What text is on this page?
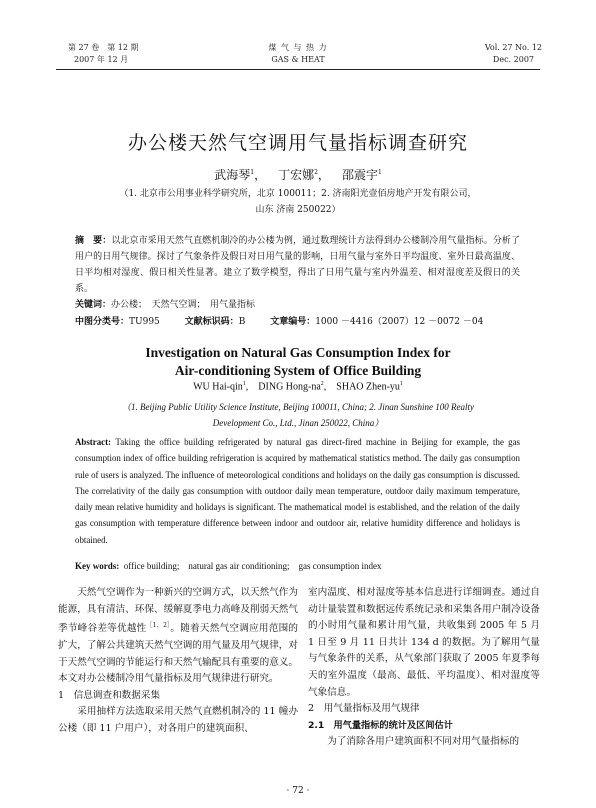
第 27 卷　第 12 期
2007 年 12 月
煤 气 与 热 力
GAS & HEAT
Vol. 27 No. 12
Dec. 2007
办公楼天然气空调用气量指标调查研究
武海琴$^1$， 丁宏娜$^2$， 邵震宇$^1$
（1. 北京市公用事业科学研究所，北京 100011；2. 济南阳光壹佰房地产开发有限公司，
山东 济南 250022）
摘　要：以北京市采用天然气直燃机制冷的办公楼为例，通过数理统计方法得到办公楼制冷用气量指标。分析了用户的日用气规律。探讨了气象条件及假日对日用气量的影响，日用气量与室外日平均温度、室外日最高温度、日平均相对湿度、假日相关性显著。建立了数学模型，得出了日用气量与室内外温差、相对湿度差及假日的关系。
关键词：办公楼；　天然气空调；　用气量指标
中图分类号：TU995	文献标识码：B	文章编号：1000 －4416（2007）12 －0072 －04
Investigation on Natural Gas Consumption Index for
Air-conditioning System of Office Building
WU Hai-qin$^1$,  DING Hong-$na^2$,  SHAO Zhen-$yu^1$
（1. Beijing Public Utility Science Institute, Beijing 100011, China; 2. Jinan Sunshine 100 Realty
Development Co., Ltd., Jinan 250022, China）
Abstract:  Taking the office building refrigerated by natural gas direct-fired machine in Beijing for example, the gas consumption index of office building refrigeration is acquired by mathematical statistics method. The daily gas consumption rule of users is analyzed. The influence of meteorological conditions and holidays on the daily gas consumption is discussed. The correlativity of the daily gas consumption with outdoor daily mean temperature, outdoor daily maximum temperature, daily mean relative humidity and holidays is significant. The mathematical model is established, and the relation of the daily gas consumption with temperature difference between indoor and outdoor air, relative humidity difference and holidays is obtained.
Key words:  office building;　natural gas air conditioning;　gas consumption index

天然气空调作为一种新兴的空调方式，以天然气作为能源，具有清洁、环保、缓解夏季电力高峰及削弱天然气季节峰谷差等优越性$^{[1,2]}$。随着天然气空调应用范围的扩大，了解公共建筑天然气空调的用气量及用气规律，对于天然气空调的节能运行和天然气输配具有重要的意义。本文对办公楼制冷用气量指标及用气规律进行研究。

1　信息调查和数据采集

采用抽样方法选取采用天然气直燃机制冷的 11 幢办公楼（即 11 户用户），对各用户的建筑面积、

室内温度、相对湿度等基本信息进行详细调查。通过自动计量装置和数据远传系统记录和采集各用户制冷设备的小时用气量和累计用气量，共收集到 2005 年 5 月 1 日至 9 月 11 日共计 134 d 的数据。为了解用气量与气象条件的关系，从气象部门获取了 2005 年夏季每天的室外温度（最高、最低、平均温度）、相对湿度等气象信息。

2　用气量指标及用气规律

2.1　用气量指标的统计及区间估计

为了消除各用户建筑面积不同对用气量指标的

· 72 ·
